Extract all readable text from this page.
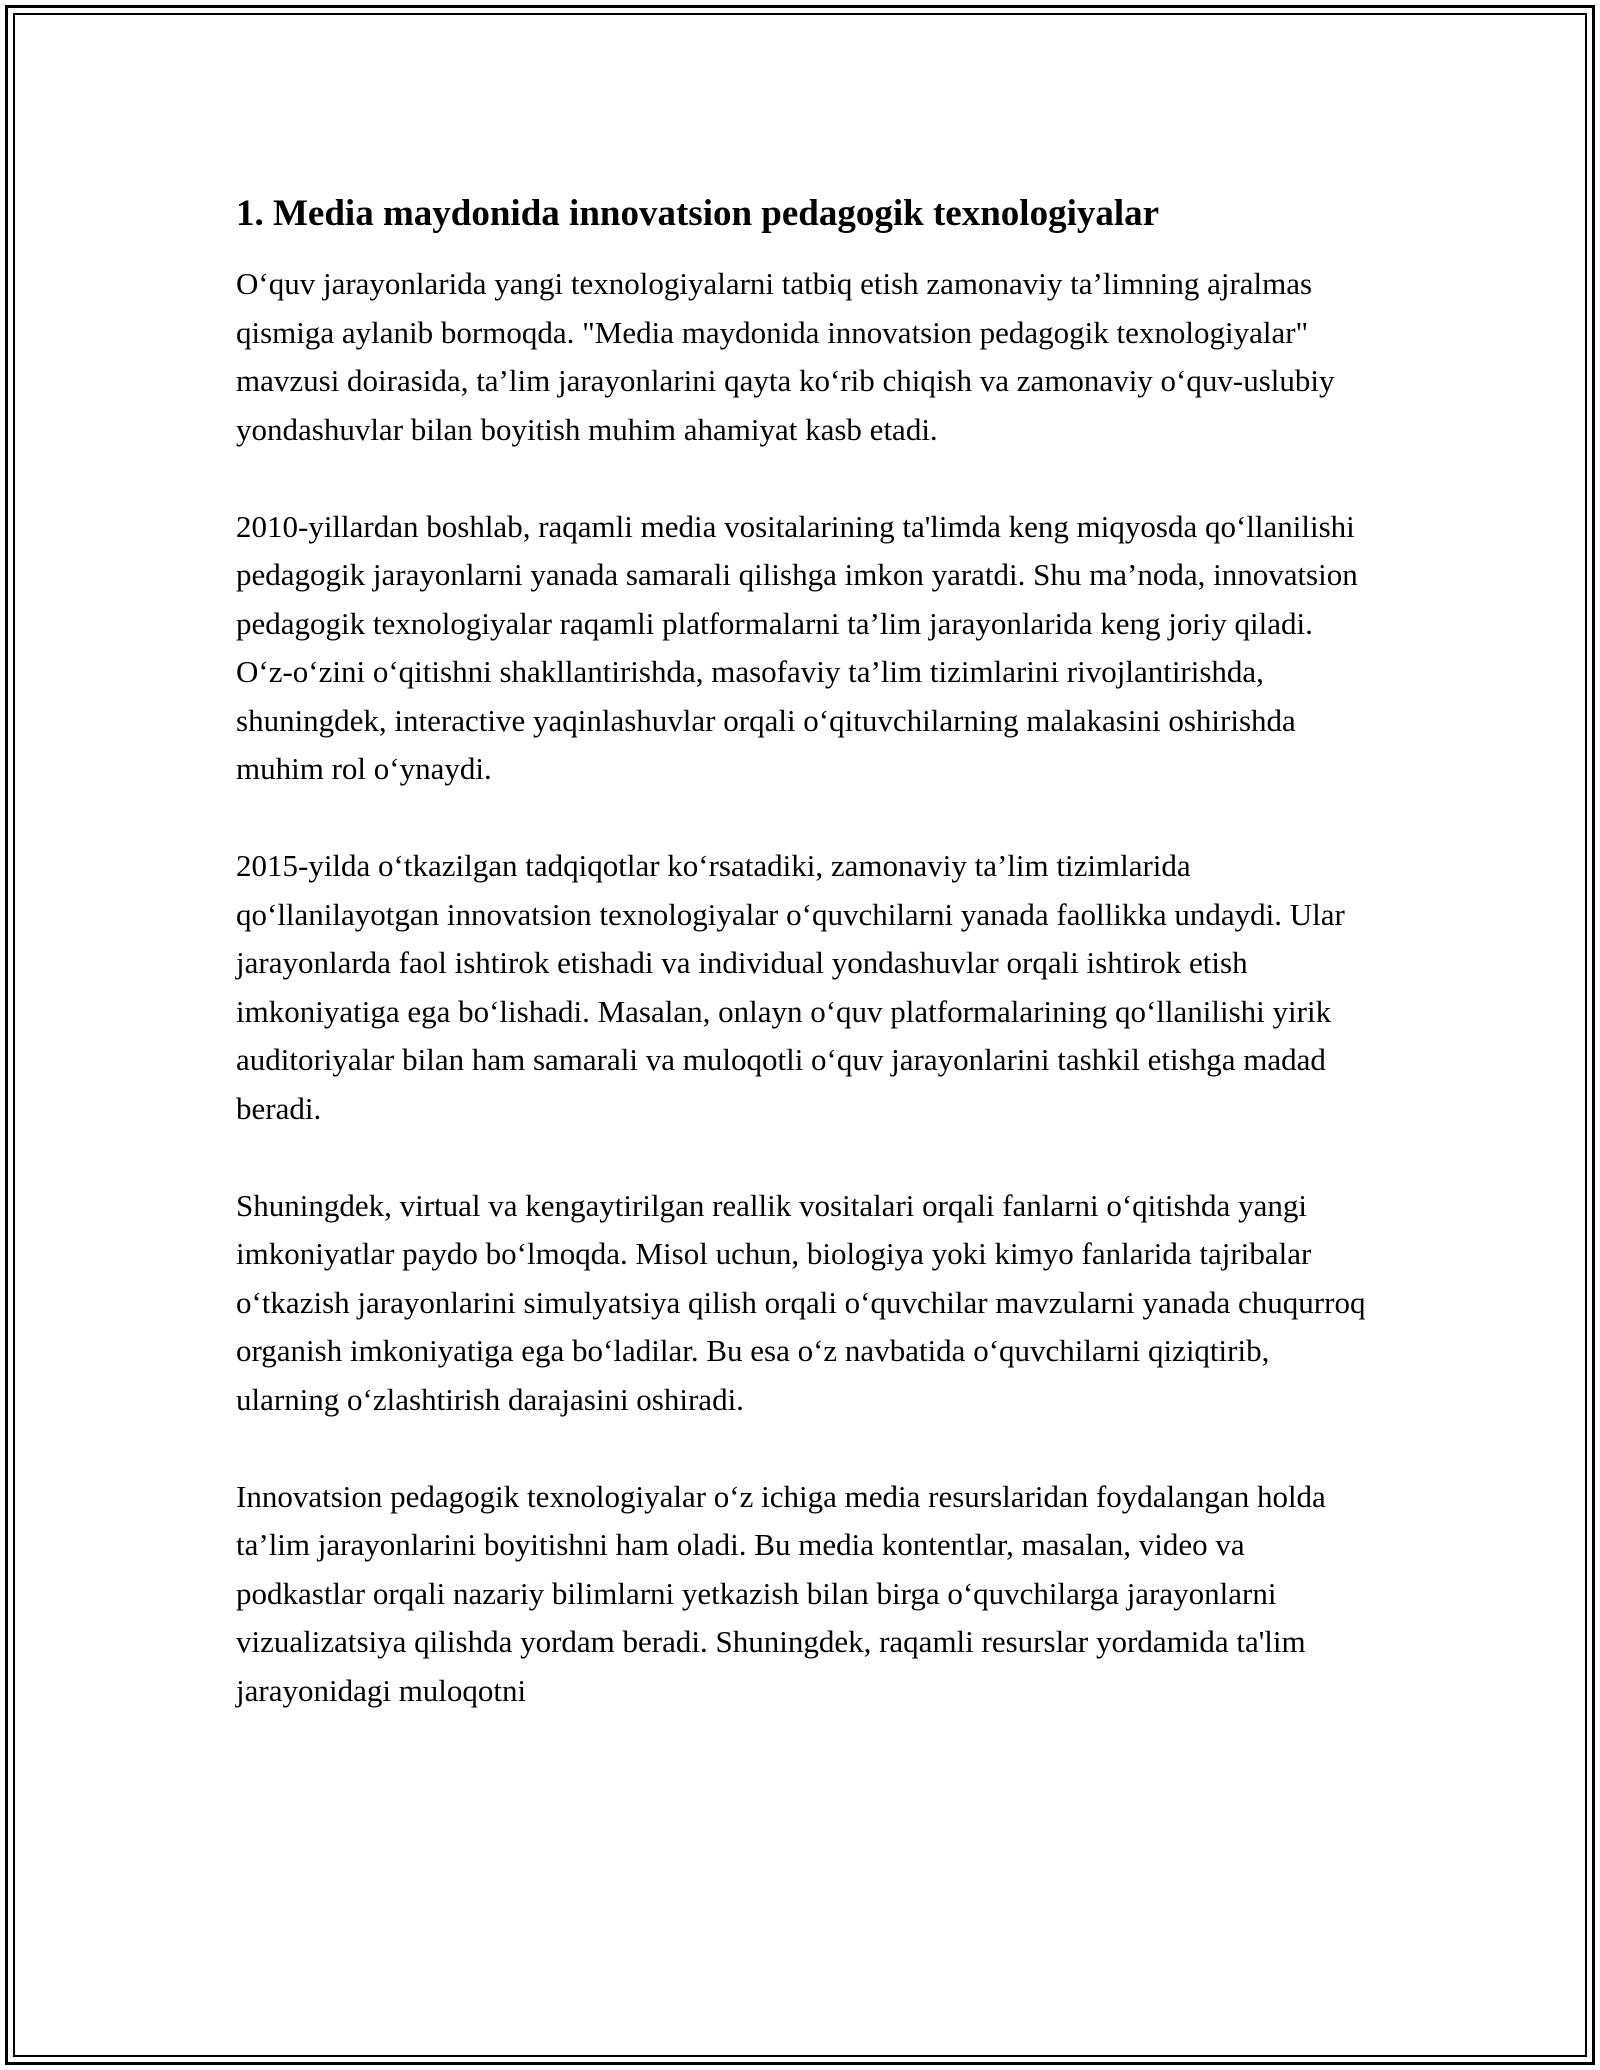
1. Media maydonida innovatsion pedagogik texnologiyalar

O‘quv jarayonlarida yangi texnologiyalarni tatbiq etish zamonaviy ta’limning ajralmas qismiga aylanib bormoqda. "Media maydonida innovatsion pedagogik texnologiyalar" mavzusi doirasida, ta’lim jarayonlarini qayta ko‘rib chiqish va zamonaviy o‘quv-uslubiy yondashuvlar bilan boyitish muhim ahamiyat kasb etadi.

2010-yillardan boshlab, raqamli media vositalarining ta'limda keng miqyosda qo‘llanilishi pedagogik jarayonlarni yanada samarali qilishga imkon yaratdi. Shu ma’noda, innovatsion pedagogik texnologiyalar raqamli platformalarni ta’lim jarayonlarida keng joriy qiladi. O‘z-o‘zini o‘qitishni shakllantirishda, masofaviy ta’lim tizimlarini rivojlantirishda, shuningdek, interactive yaqinlashuvlar orqali o‘qituvchilarning malakasini oshirishda muhim rol o‘ynaydi.

2015-yilda o‘tkazilgan tadqiqotlar ko‘rsatadiki, zamonaviy ta’lim tizimlarida qo‘llanilayotgan innovatsion texnologiyalar o‘quvchilarni yanada faollikka undaydi. Ular jarayonlarda faol ishtirok etishadi va individual yondashuvlar orqali ishtirok etish imkoniyatiga ega bo‘lishadi. Masalan, onlayn o‘quv platformalarining qo‘llanilishi yirik auditoriyalar bilan ham samarali va muloqotli o‘quv jarayonlarini tashkil etishga madad beradi.

Shuningdek, virtual va kengaytirilgan reallik vositalari orqali fanlarni o‘qitishda yangi imkoniyatlar paydo bo‘lmoqda. Misol uchun, biologiya yoki kimyo fanlarida tajribalar o‘tkazish jarayonlarini simulyatsiya qilish orqali o‘quvchilar mavzularni yanada chuqurroq organish imkoniyatiga ega bo‘ladilar. Bu esa o‘z navbatida o‘quvchilarni qiziqtirib, ularning o‘zlashtirish darajasini oshiradi.

Innovatsion pedagogik texnologiyalar o‘z ichiga media resurslaridan foydalangan holda ta’lim jarayonlarini boyitishni ham oladi. Bu media kontentlar, masalan, video va podkastlar orqali nazariy bilimlarni yetkazish bilan birga o‘quvchilarga jarayonlarni vizualizatsiya qilishda yordam beradi. Shuningdek, raqamli resurslar yordamida ta'lim jarayonidagi muloqotni
